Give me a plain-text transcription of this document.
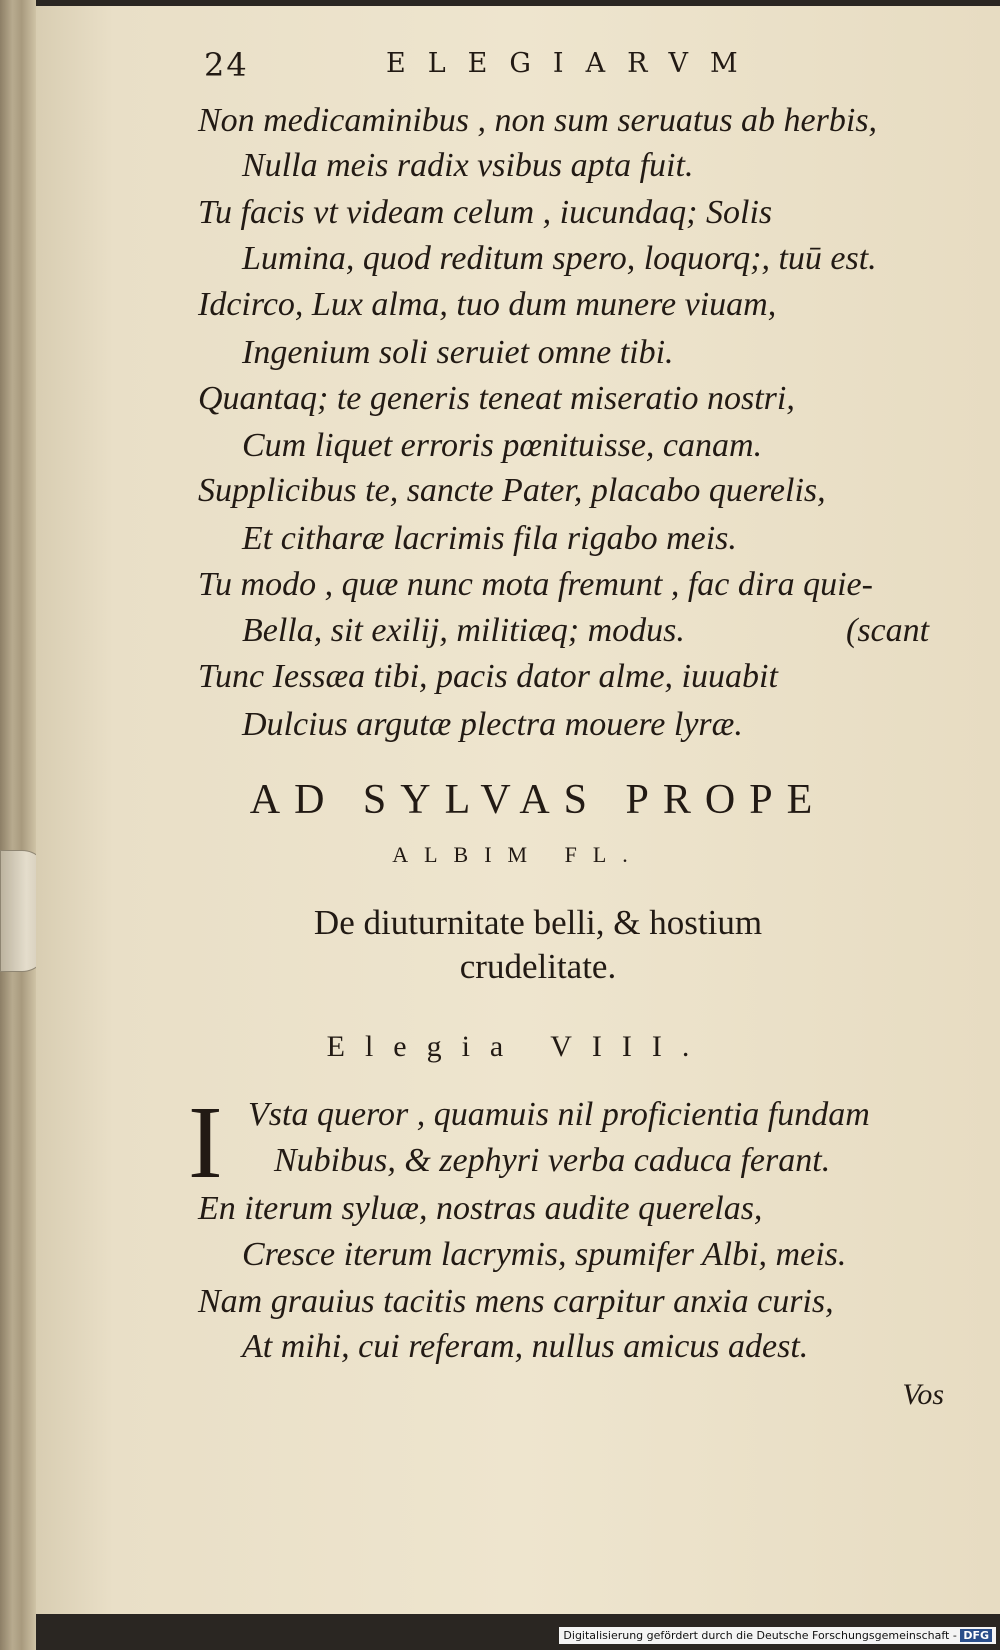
24	ELEGIARVM
Non medicaminibus , non sum seruatus ab herbis,
Nulla meis radix vsibus apta fuit.
Tu facis vt videam celum , iucundaq; Solis
Lumina, quod reditum spero, loquorq;, tuū est.
Idcirco, Lux alma, tuo dum munere viuam,
Ingenium soli seruiet omne tibi.
Quantaq; te generis teneat miseratio nostri,
Cum liquet erroris pœnituisse, canam.
Supplicibus te, sancte Pater, placabo querelis,
Et citharæ lacrimis fila rigabo meis.
Tu modo , quæ nunc mota fremunt , fac dira quie-
Bella, sit exilij, militiæq; modus.
Tunc Iessæa tibi, pacis dator alme, iuuabit
Dulcius argutæ plectra mouere lyræ.
(scant
AD SYLVAS PROPE
ALBIM FL.
De diuturnitate belli, & hostium
crudelitate.
Elegia VIII.
I Vsta queror , quamuis nil proficientia fundam
Nubibus, & zephyri verba caduca ferant.
En iterum syluæ, nostras audite querelas,
Cresce iterum lacrymis, spumifer Albi, meis.
Nam grauius tacitis mens carpitur anxia curis,
At mihi, cui referam, nullus amicus adest.
Vos
Digitalisierung gefördert durch die Deutsche Forschungsgemeinschaft - DFG
